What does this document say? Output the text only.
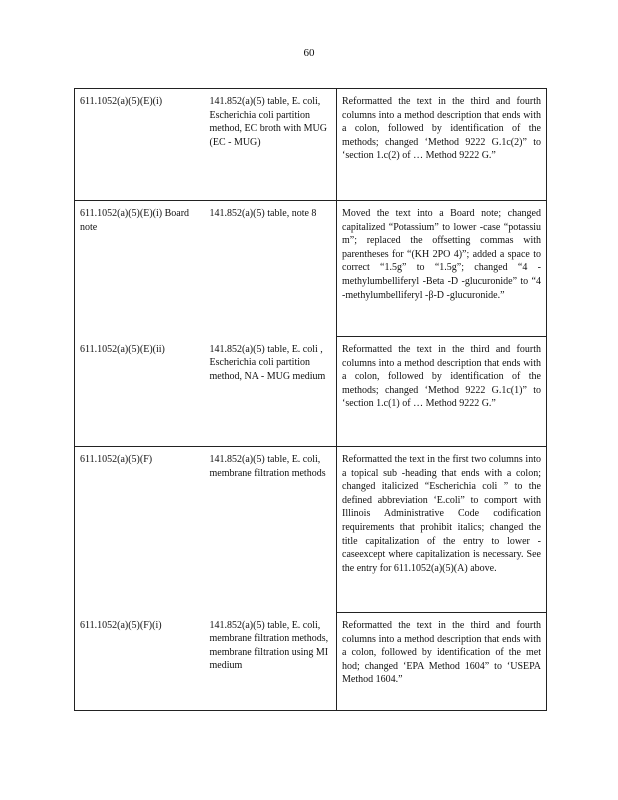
60
611.1052(a)(5)(E)(i)	141.852(a)(5) table, E. coli, Escherichia coli partition method, EC broth with MUG (EC - MUG)	Reformatted the text in the third and fourth columns into a method description that ends with a colon, followed by identification of the methods; changed ‘Method 9222 G.1c(2)” to ‘section 1.c(2) of … Method 9222 G.”
611.1052(a)(5)(E)(i) Board note	141.852(a)(5) table, note 8	Moved the text into a Board note; changed capitalized “Potassium” to lower -case “potassiu m”; replaced the offsetting commas with parentheses for “(KH 2PO 4)”; added a space to correct “1.5g” to “1.5g”; changed “4 -methylumbelliferyl -Beta -D -glucuronide” to “4 -methylumbelliferyl -β-D -glucuronide.”
611.1052(a)(5)(E)(ii)	141.852(a)(5) table, E. coli , Escherichia coli partition method, NA - MUG medium	Reformatted the text in the third and fourth columns into a method description that ends with a colon, followed by identification of the methods; changed ‘Method 9222 G.1c(1)” to ‘section 1.c(1) of … Method 9222 G.”
611.1052(a)(5)(F)	141.852(a)(5) table, E. coli, membrane filtration methods	Reformatted the text in the first two columns into a topical sub -heading that ends with a colon; changed italicized “Escherichia coli ” to the defined abbreviation ‘E.coli” to comport with Illinois Administrative Code codification requirements that prohibit italics; changed the title capitalization of the entry to lower -caseexcept where capitalization is necessary. See the entry for 611.1052(a)(5)(A) above.
611.1052(a)(5)(F)(i)	141.852(a)(5) table, E. coli, membrane filtration methods, membrane filtration using MI medium	Reformatted the text in the third and fourth columns into a method description that ends with a colon, followed by identification of the met hod; changed ‘EPA Method 1604” to ‘USEPA Method 1604.”
